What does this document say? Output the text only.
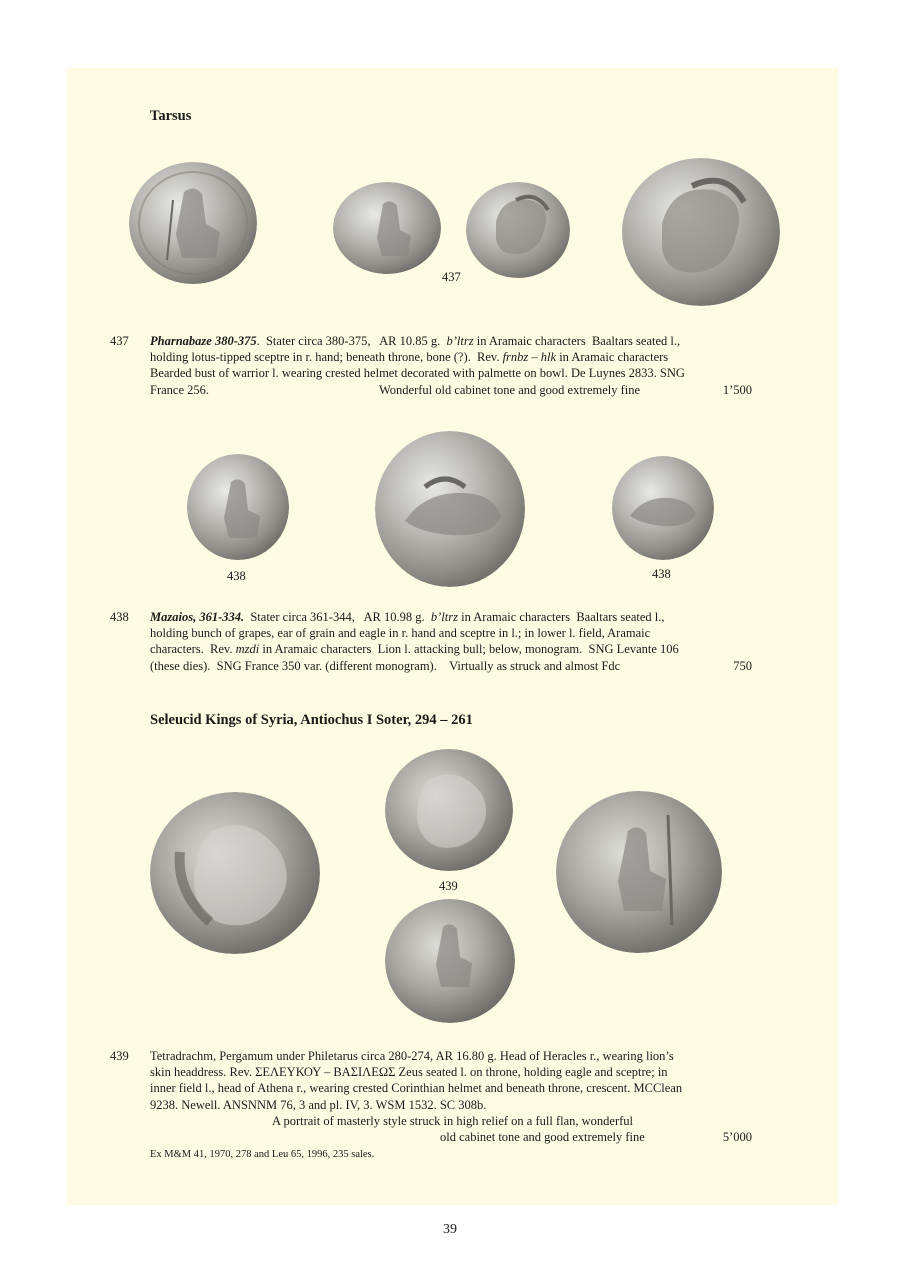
Tarsus
Seleucid Kings of Syria, Antiochus I Soter, 294 – 261
437
437 Pharnabaze 380-375.  Stater circa 380-375,   AR 10.85 g.  b’ltrz in Aramaic characters  Baaltars seated l.,
holding lotus-tipped sceptre in r. hand; beneath throne, bone (?).  Rev. frnbz – hlk in Aramaic characters
Bearded bust of warrior l. wearing crested helmet decorated with palmette on bowl. De Luynes 2833. SNG
France 256.	Wonderful old cabinet tone and good extremely fine	1’500
438	438
438 Mazaios, 361-334.  Stater circa 361-344,   AR 10.98 g.  b’ltrz in Aramaic characters  Baaltars seated l.,
holding bunch of grapes, ear of grain and eagle in r. hand and sceptre in l.; in lower l. field, Aramaic
characters.  Rev. mzdi in Aramaic characters  Lion l. attacking bull; below, monogram.  SNG Levante 106
(these dies).  SNG France 350 var. (different monogram).    Virtually as struck and almost Fdc	750
439
439 Tetradrachm, Pergamum under Philetarus circa 280-274, AR 16.80 g. Head of Heracles r., wearing lion’s
skin headdress. Rev. ΣΕΛΕΥΚΟΥ – ΒΑΣΙΛΕΩΣ Zeus seated l. on throne, holding eagle and sceptre; in
inner field l., head of Athena r., wearing crested Corinthian helmet and beneath throne, crescent. MCClean
9238. Newell. ANSNNM 76, 3 and pl. IV, 3. WSM 1532. SC 308b.
A portrait of masterly style struck in high relief on a full flan, wonderful
old cabinet tone and good extremely fine	5’000
Ex M&M 41, 1970, 278 and Leu 65, 1996, 235 sales.
39
